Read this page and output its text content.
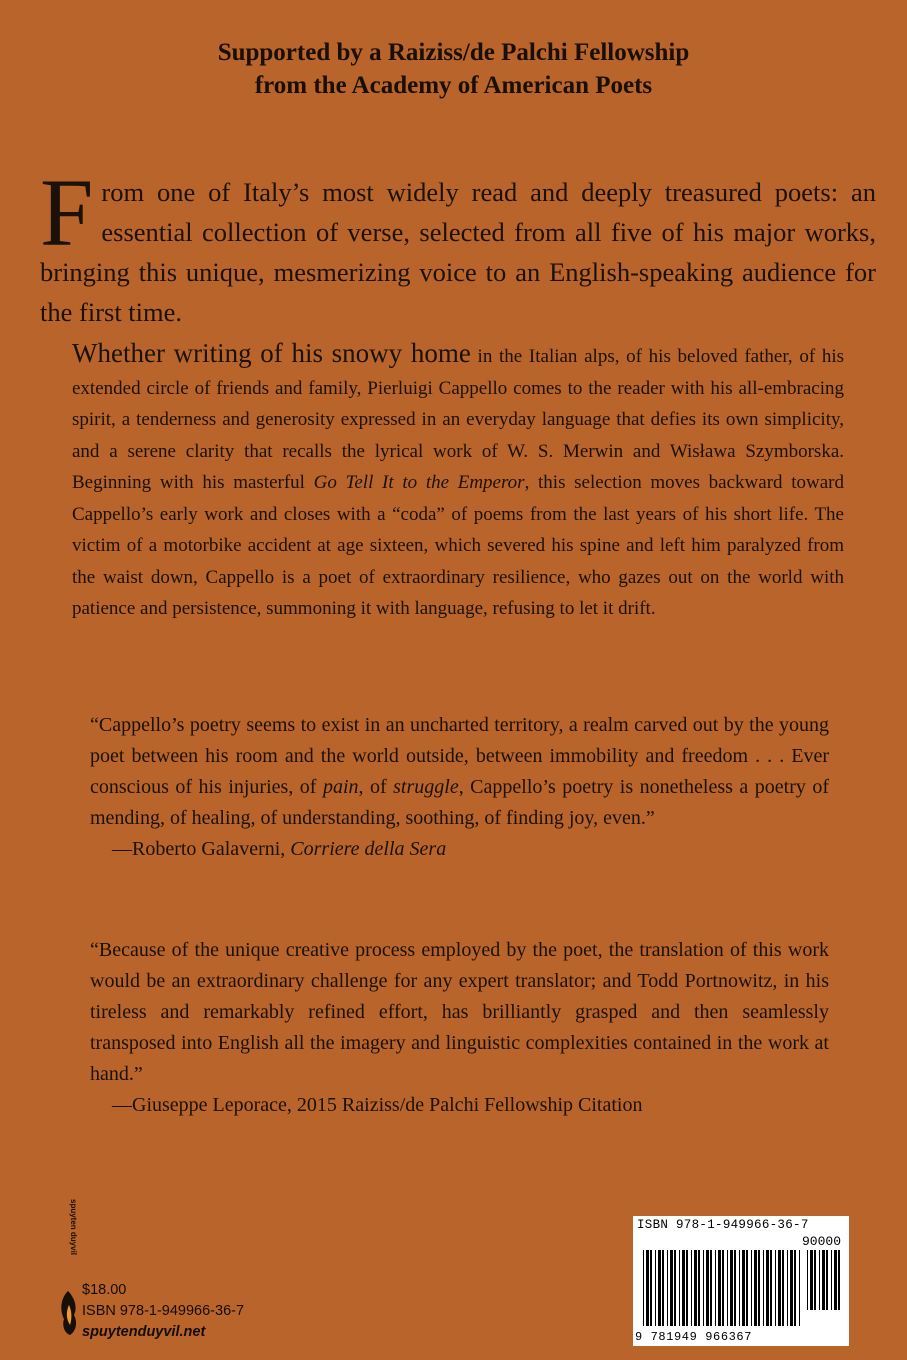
Supported by a Raiziss/de Palchi Fellowship
from the Academy of American Poets
F rom one of Italy’s most widely read and deeply treasured poets: an essential collection of verse, selected from all five of his major works, bringing this unique, mesmerizing voice to an English-speaking audience for the first time.
Whether writing of his snowy home in the Italian alps, of his beloved father, of his extended circle of friends and family, Pierluigi Cappello comes to the reader with his all-embracing spirit, a tenderness and generosity expressed in an everyday language that defies its own simplicity, and a serene clarity that recalls the lyrical work of W. S. Merwin and Wisława Szymborska. Beginning with his masterful Go Tell It to the Emperor, this selection moves backward toward Cappello’s early work and closes with a “coda” of poems from the last years of his short life. The victim of a motorbike accident at age sixteen, which severed his spine and left him paralyzed from the waist down, Cappello is a poet of extraordinary resilience, who gazes out on the world with patience and persistence, summoning it with language, refusing to let it drift.
“Cappello’s poetry seems to exist in an uncharted territory, a realm carved out by the young poet between his room and the world outside, between immobility and freedom . . . Ever conscious of his injuries, of pain, of struggle, Cappello’s poetry is nonetheless a poetry of mending, of healing, of understanding, soothing, of finding joy, even.”
—Roberto Galaverni, Corriere della Sera
“Because of the unique creative process employed by the poet, the translation of this work would be an extraordinary challenge for any expert translator; and Todd Portnowitz, in his tireless and remarkably refined effort, has brilliantly grasped and then seamlessly transposed into English all the imagery and linguistic complexities contained in the work at hand.”
—Giuseppe Leporace, 2015 Raiziss/de Palchi Fellowship Citation
spuyten duyvil
$18.00
ISBN 978-1-949966-36-7
spuytenduyvil.net
ISBN 978-1-949966-36-7
90000
9 781949 966367
